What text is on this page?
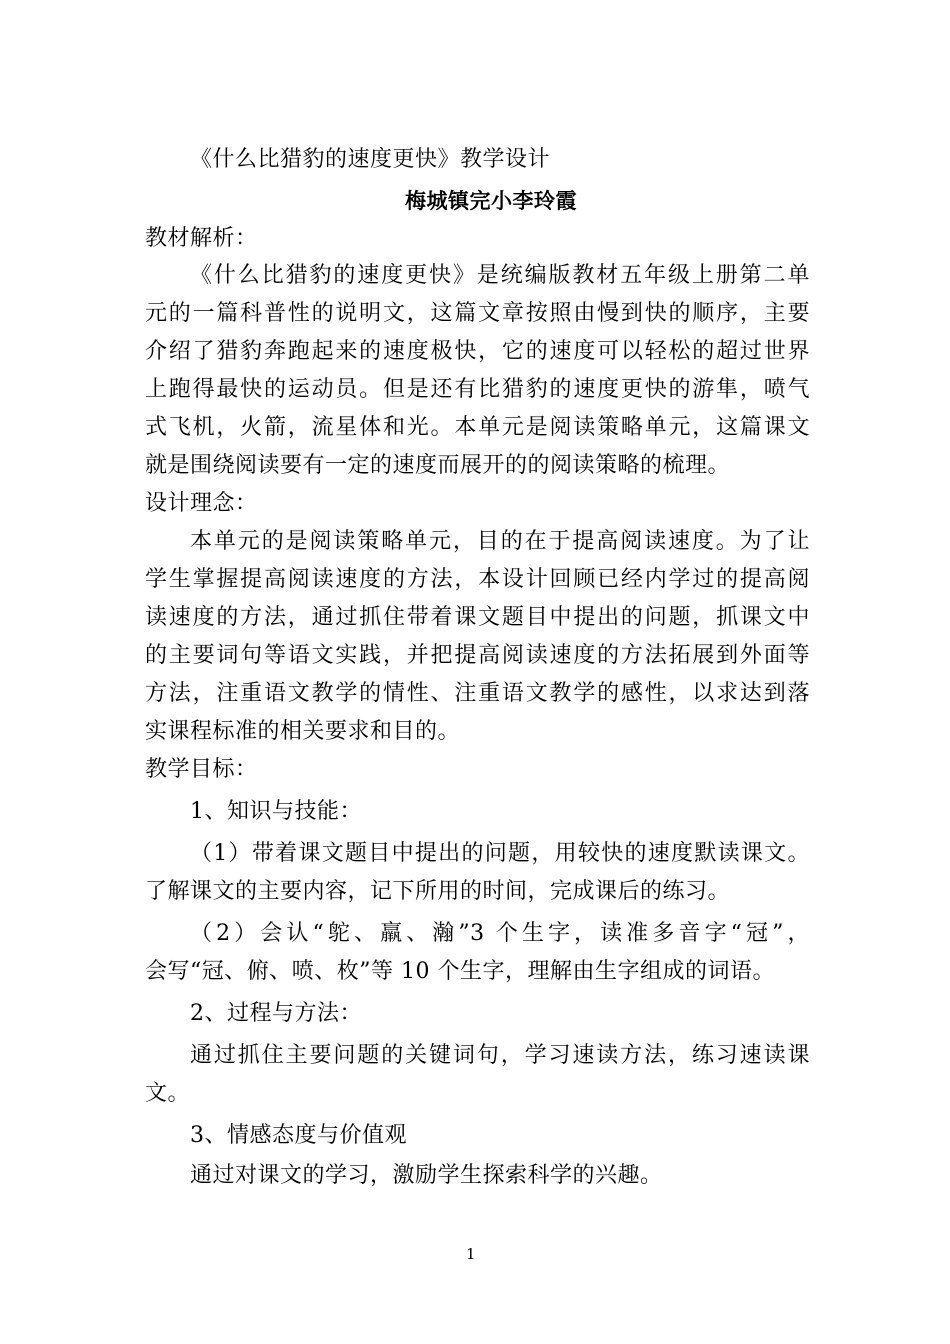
《什么比猎豹的速度更快》教学设计
梅城镇完小李玲霞
教材解析：
《什么比猎豹的速度更快》是统编版教材五年级上册第二单
元的一篇科普性的说明文，这篇文章按照由慢到快的顺序，主要
介绍了猎豹奔跑起来的速度极快，它的速度可以轻松的超过世界
上跑得最快的运动员。但是还有比猎豹的速度更快的游隼，喷气
式飞机，火箭，流星体和光。本单元是阅读策略单元，这篇课文
就是围绕阅读要有一定的速度而展开的的阅读策略的梳理。
设计理念：
本单元的是阅读策略单元，目的在于提高阅读速度。为了让
学生掌握提高阅读速度的方法，本设计回顾已经内学过的提高阅
读速度的方法，通过抓住带着课文题目中提出的问题，抓课文中
的主要词句等语文实践，并把提高阅读速度的方法拓展到外面等
方法，注重语文教学的情性、注重语文教学的感性，以求达到落
实课程标准的相关要求和目的。
教学目标：
1、知识与技能：
（1）带着课文题目中提出的问题，用较快的速度默读课文。
了解课文的主要内容，记下所用的时间，完成课后的练习。
（2）会认“鸵、羸、瀚”3 个生字，读准多音字“冠”，
会写“冠、俯、喷、枚”等 10 个生字，理解由生字组成的词语。
2、过程与方法：
通过抓住主要问题的关键词句，学习速读方法，练习速读课
文。
3、情感态度与价值观
通过对课文的学习，激励学生探索科学的兴趣。
1
